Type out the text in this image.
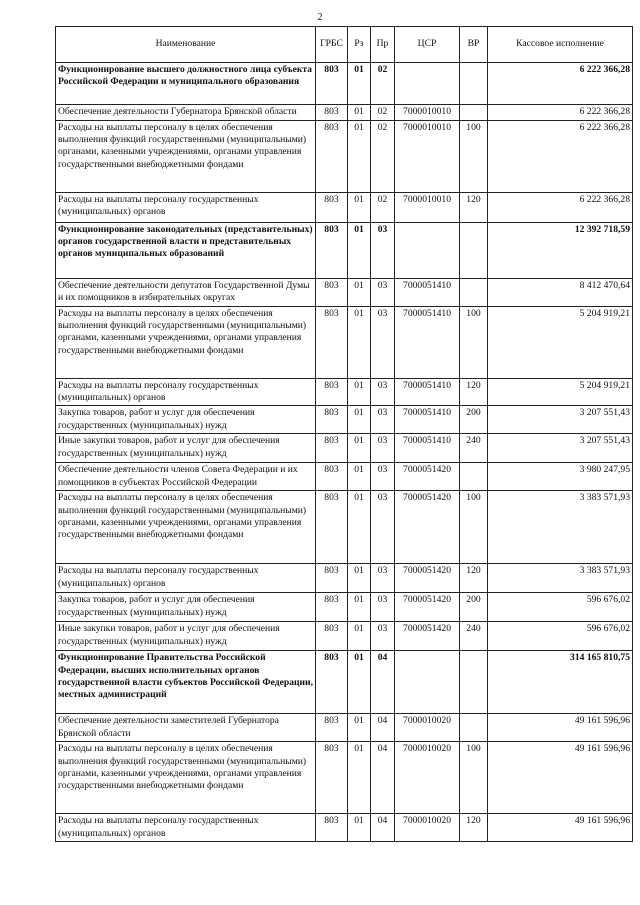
2
Наименование	ГРБС	Рз	Пр	ЦСР	ВР	Кассовое исполнение
Функционирование высшего должностного лица субъекта Российской Федерации и муниципального образования	803	01	02			6 222 366,28
Обеспечение деятельности Губернатора Брянской области	803	01	02	7000010010		6 222 366,28
Расходы на выплаты персоналу в целях обеспечения выполнения функций государственными (муниципальными) органами, казенными учреждениями, органами управления государственными внебюджетными фондами	803	01	02	7000010010	100	6 222 366,28
Расходы на выплаты персоналу государственных (муниципальных) органов	803	01	02	7000010010	120	6 222 366,28
Функционирование законодательных (представительных) органов государственной власти и представительных органов муниципальных образований	803	01	03			12 392 718,59
Обеспечение деятельности депутатов Государственной Думы и их помощников в избирательных округах	803	01	03	7000051410		8 412 470,64
Расходы на выплаты персоналу в целях обеспечения выполнения функций государственными (муниципальными) органами, казенными учреждениями, органами управления государственными внебюджетными фондами	803	01	03	7000051410	100	5 204 919,21
Расходы на выплаты персоналу государственных (муниципальных) органов	803	01	03	7000051410	120	5 204 919,21
Закупка товаров, работ и услуг для обеспечения государственных (муниципальных) нужд	803	01	03	7000051410	200	3 207 551,43
Иные закупки товаров, работ и услуг для обеспечения государственных (муниципальных) нужд	803	01	03	7000051410	240	3 207 551,43
Обеспечение деятельности членов Совета Федерации и их помощников в субъектах Российской Федерации	803	01	03	7000051420		3 980 247,95
Расходы на выплаты персоналу в целях обеспечения выполнения функций государственными (муниципальными) органами, казенными учреждениями, органами управления государственными внебюджетными фондами	803	01	03	7000051420	100	3 383 571,93
Расходы на выплаты персоналу государственных (муниципальных) органов	803	01	03	7000051420	120	3 383 571,93
Закупка товаров, работ и услуг для обеспечения государственных (муниципальных) нужд	803	01	03	7000051420	200	596 676,02
Иные закупки товаров, работ и услуг для обеспечения государственных (муниципальных) нужд	803	01	03	7000051420	240	596 676,02
Функционирование Правительства Российской Федерации, высших исполнительных органов государственной власти субъектов Российской Федерации, местных администраций	803	01	04			314 165 810,75
Обеспечение деятельности заместителей Губернатора Брянской области	803	01	04	7000010020		49 161 596,96
Расходы на выплаты персоналу в целях обеспечения выполнения функций государственными (муниципальными) органами, казенными учреждениями, органами управления государственными внебюджетными фондами	803	01	04	7000010020	100	49 161 596,96
Расходы на выплаты персоналу государственных (муниципальных) органов	803	01	04	7000010020	120	49 161 596,96
